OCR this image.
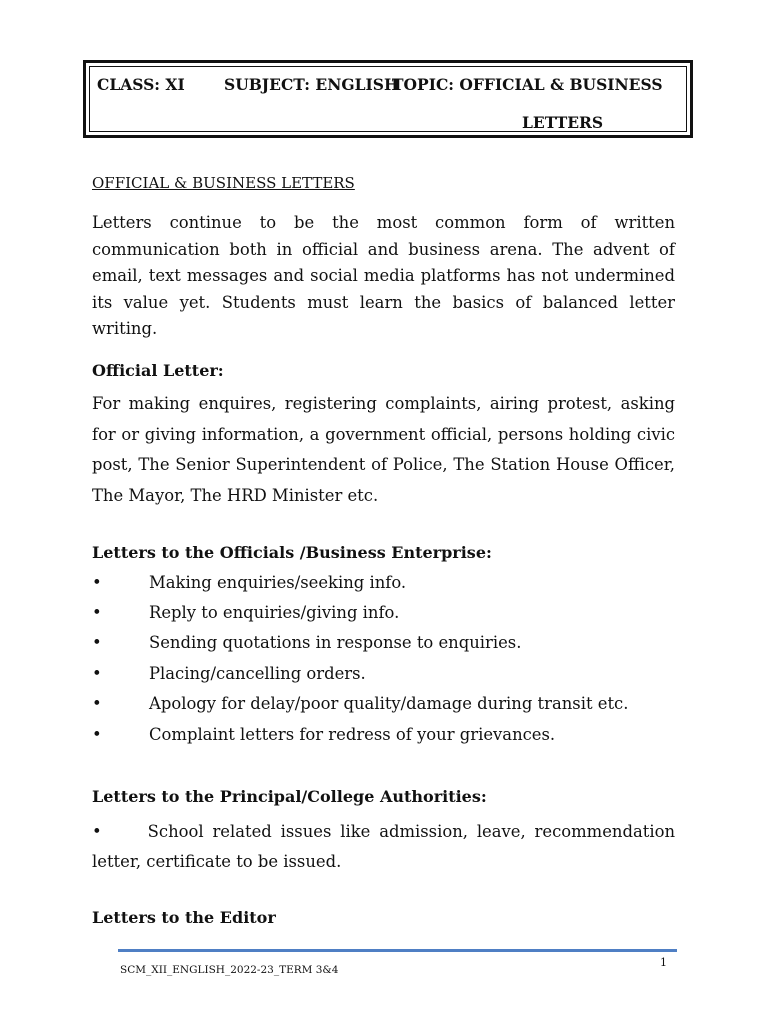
CLASS: XI	SUBJECT: ENGLISH
TOPIC: OFFICIAL & BUSINESS
LETTERS
OFFICIAL & BUSINESS LETTERS
Letters continue to be the most common form of written communication both in official and business arena. The advent of email, text messages and social media platforms has not undermined its value yet. Students must learn the basics of balanced letter writing.
Official Letter:
For making enquires, registering complaints, airing protest, asking for or giving information, a government official, persons holding civic post, The Senior Superintendent of Police, The Station House Officer, The Mayor, The HRD Minister etc.
Letters to the Officials /Business Enterprise:
•	Making enquiries/seeking info.
•	Reply to enquiries/giving info.
•	Sending quotations in response to enquiries.
•	Placing/cancelling orders.
•	Apology for delay/poor quality/damage during transit etc.
•	Complaint letters for redress of your grievances.
Letters to the Principal/College Authorities:
•	School related issues like admission, leave, recommendation letter, certificate to be issued.
Letters to the Editor
1
SCM_XII_ENGLISH_2022-23_TERM 3&4
